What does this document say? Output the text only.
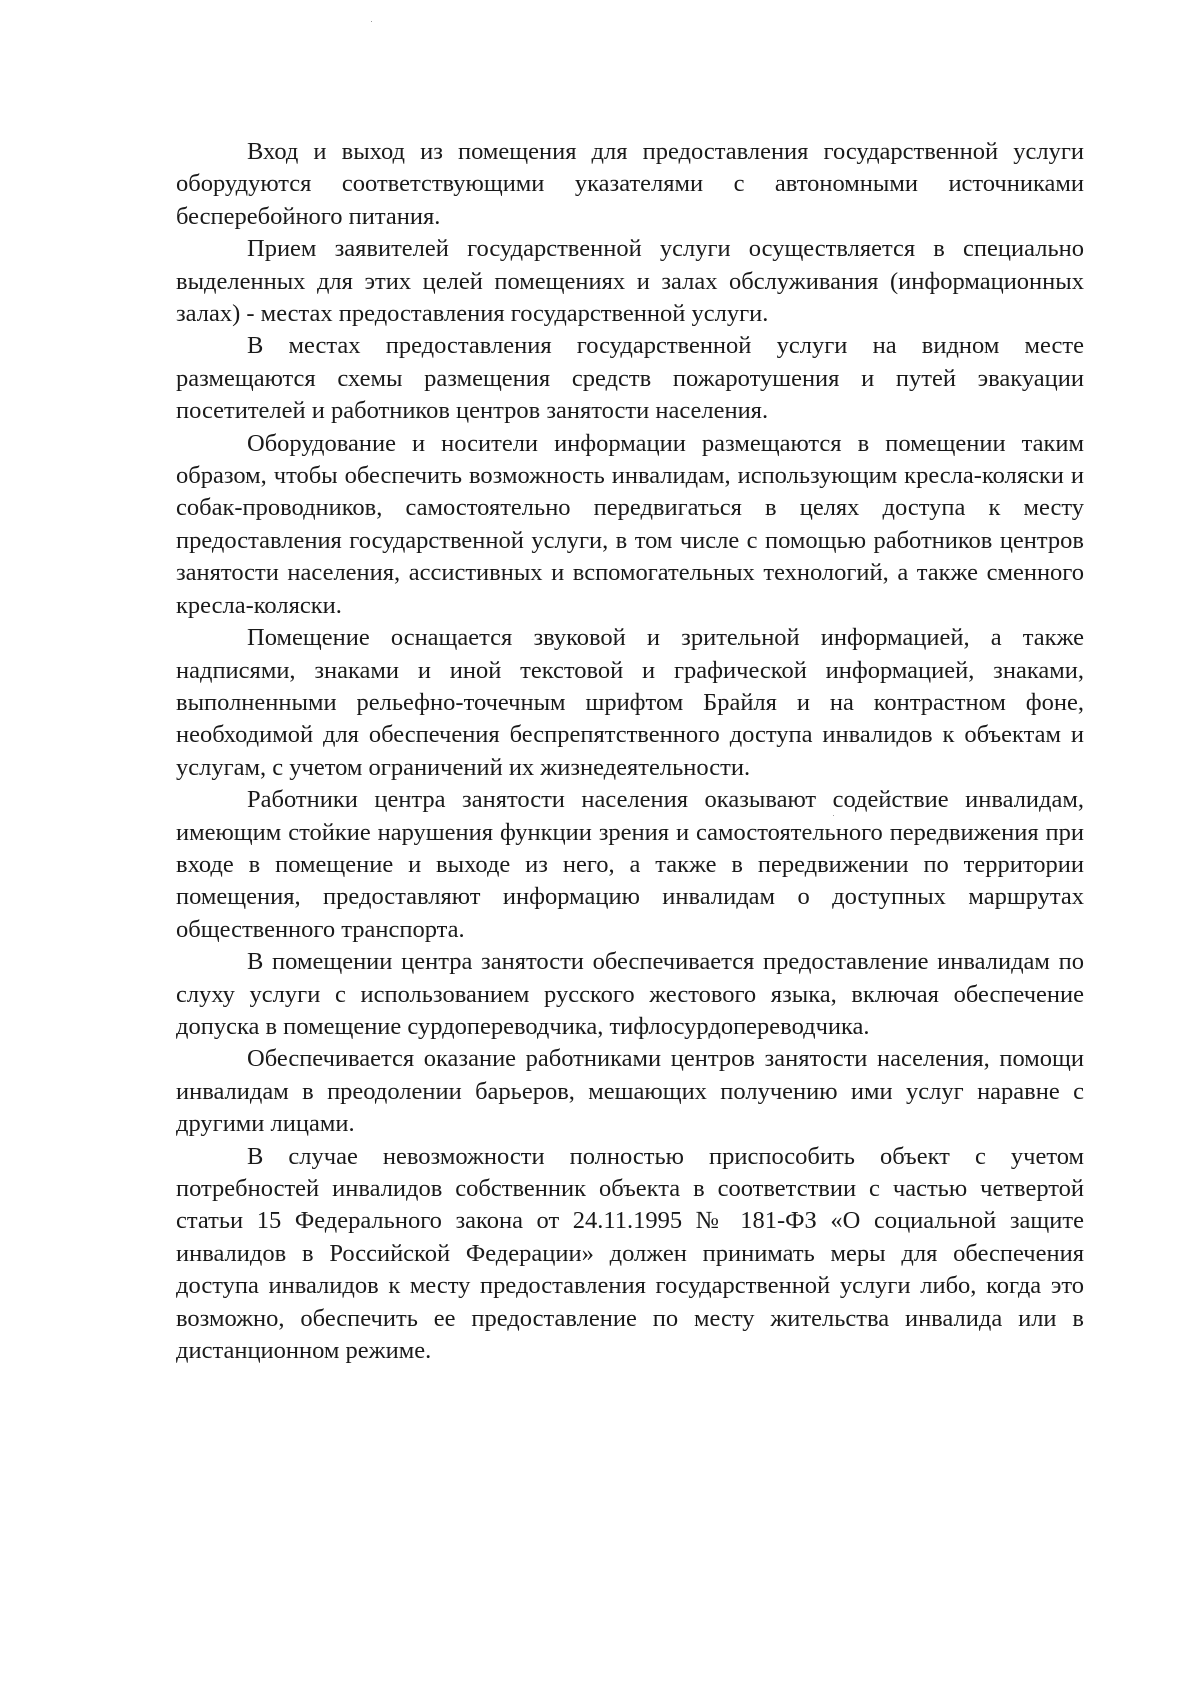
Вход и выход из помещения для предоставления государственной услуги оборудуются соответствующими указателями с автономными источниками бесперебойного питания.

Прием заявителей государственной услуги осуществляется в специально выделенных для этих целей помещениях и залах обслуживания (информационных залах) - местах предоставления государственной услуги.

В местах предоставления государственной услуги на видном месте размещаются схемы размещения средств пожаротушения и путей эвакуации посетителей и работников центров занятости населения.

Оборудование и носители информации размещаются в помещении таким образом, чтобы обеспечить возможность инвалидам, использующим кресла-коляски и собак-проводников, самостоятельно передвигаться в целях доступа к месту предоставления государственной услуги, в том числе с помощью работников центров занятости населения, ассистивных и вспомогательных технологий, а также сменного кресла-коляски.

Помещение оснащается звуковой и зрительной информацией, а также надписями, знаками и иной текстовой и графической информацией, знаками, выполненными рельефно-точечным шрифтом Брайля и на контрастном фоне, необходимой для обеспечения беспрепятственного доступа инвалидов к объектам и услугам, с учетом ограничений их жизнедеятельности.

Работники центра занятости населения оказывают содействие инвалидам, имеющим стойкие нарушения функции зрения и самостоятельного передвижения при входе в помещение и выходе из него, а также в передвижении по территории помещения, предоставляют информацию инвалидам о доступных маршрутах общественного транспорта.

В помещении центра занятости обеспечивается предоставление инвалидам по слуху услуги с использованием русского жестового языка, включая обеспечение допуска в помещение сурдопереводчика, тифлосурдопереводчика.

Обеспечивается оказание работниками центров занятости населения, помощи инвалидам в преодолении барьеров, мешающих получению ими услуг наравне с другими лицами.

В случае невозможности полностью приспособить объект с учетом потребностей инвалидов собственник объекта в соответствии с частью четвертой статьи 15 Федерального закона от 24.11.1995 № 181-ФЗ «О социальной защите инвалидов в Российской Федерации» должен принимать меры для обеспечения доступа инвалидов к месту предоставления государственной услуги либо, когда это возможно, обеспечить ее предоставление по месту жительства инвалида или в дистанционном режиме.
